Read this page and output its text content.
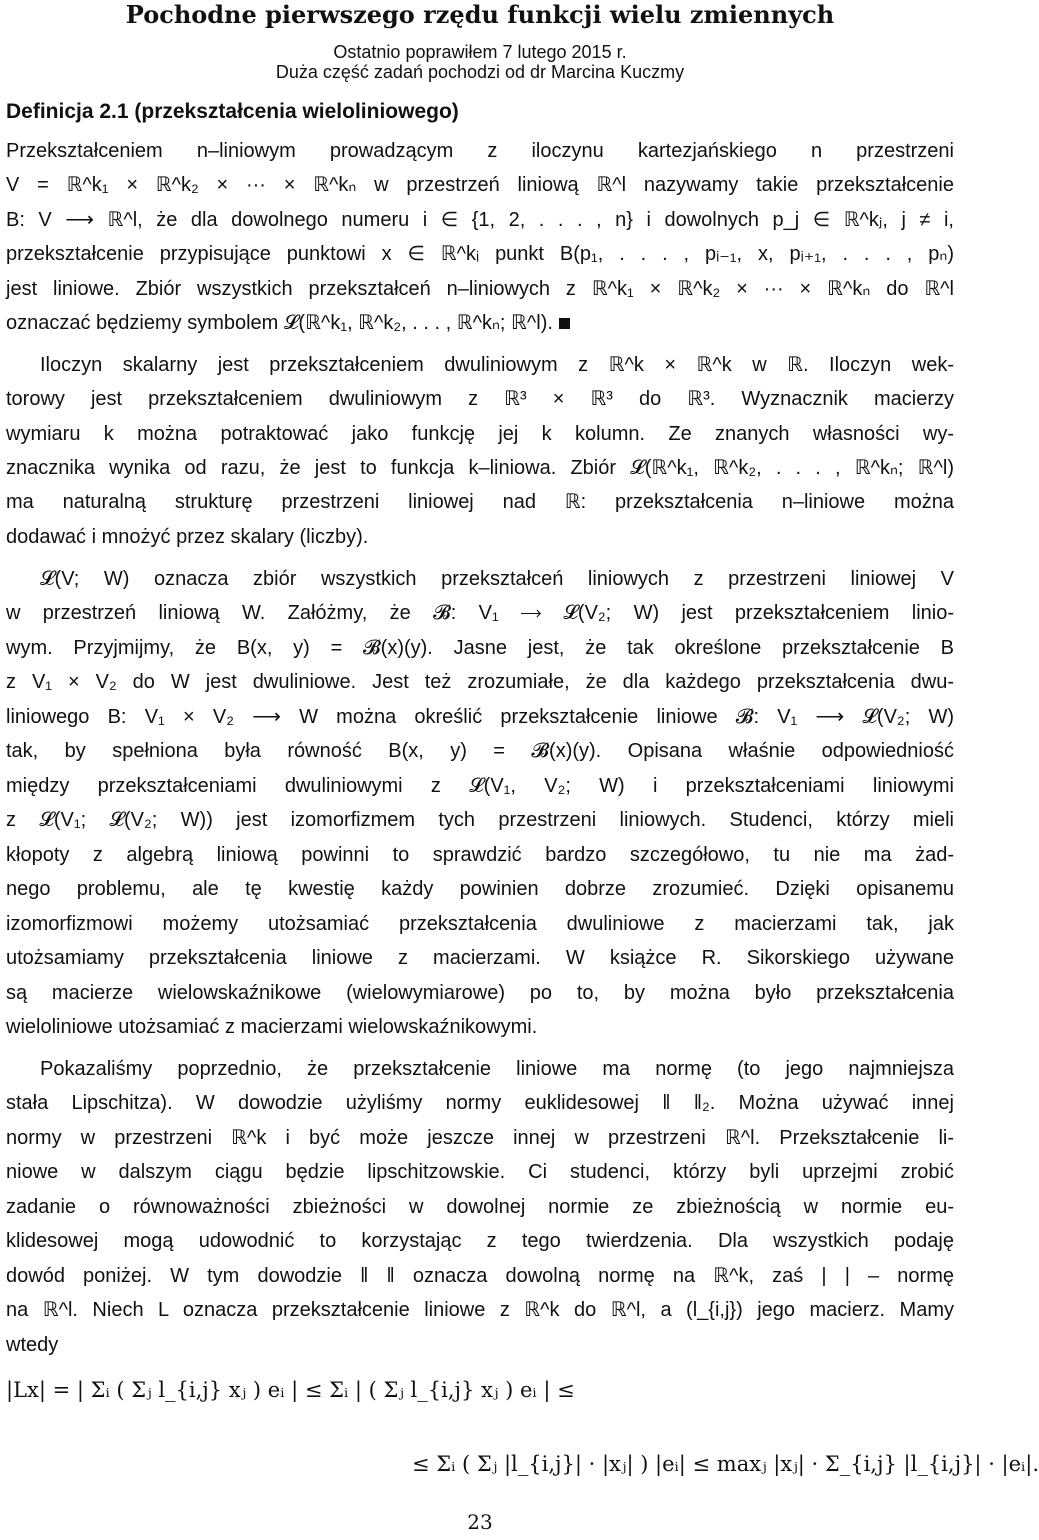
Pochodne pierwszego rzędu funkcji wielu zmiennych
Ostatnio poprawiłem 7 lutego 2015 r.
Duża część zadań pochodzi od dr Marcina Kuczmy
Definicja 2.1 (przekształcenia wieloliniowego)
Przekształceniem n–liniowym prowadzącym z iloczynu kartezjańskiego n przestrzeni
V = ℝ^k₁ × ℝ^k₂ × ··· × ℝ^kₙ w przestrzeń liniową ℝ^l nazywamy takie przekształcenie
B: V ⟶ ℝ^l, że dla dowolnego numeru i ∈ {1, 2, . . . , n} i dowolnych p_j ∈ ℝ^kⱼ, j ≠ i,
przekształcenie przypisujące punktowi x ∈ ℝ^kᵢ punkt B(p₁, . . . , pᵢ₋₁, x, pᵢ₊₁, . . . , pₙ)
jest liniowe. Zbiór wszystkich przekształceń n–liniowych z ℝ^k₁ × ℝ^k₂ × ··· × ℝ^kₙ do ℝ^l
oznaczać będziemy symbolem 𝓛(ℝ^k₁, ℝ^k₂, . . . , ℝ^kₙ; ℝ^l).
Iloczyn skalarny jest przekształceniem dwuliniowym z ℝ^k × ℝ^k w ℝ. Iloczyn wek-
torowy jest przekształceniem dwuliniowym z ℝ³ × ℝ³ do ℝ³. Wyznacznik macierzy
wymiaru k można potraktować jako funkcję jej k kolumn. Ze znanych własności wy-
znacznika wynika od razu, że jest to funkcja k–liniowa. Zbiór 𝓛(ℝ^k₁, ℝ^k₂, . . . , ℝ^kₙ; ℝ^l)
ma naturalną strukturę przestrzeni liniowej nad ℝ: przekształcenia n–liniowe można
dodawać i mnożyć przez skalary (liczby).
𝓛(V; W) oznacza zbiór wszystkich przekształceń liniowych z przestrzeni liniowej V
w przestrzeń liniową W. Załóżmy, że 𝓑: V₁ ⟶ 𝓛(V₂; W) jest przekształceniem linio-
wym. Przyjmijmy, że B(x, y) = 𝓑(x)(y). Jasne jest, że tak określone przekształcenie B
z V₁ × V₂ do W jest dwuliniowe. Jest też zrozumiałe, że dla każdego przekształcenia dwu-
liniowego B: V₁ × V₂ ⟶ W można określić przekształcenie liniowe 𝓑: V₁ ⟶ 𝓛(V₂; W)
tak, by spełniona była równość B(x, y) = 𝓑(x)(y). Opisana właśnie odpowiedniość
między przekształceniami dwuliniowymi z 𝓛(V₁, V₂; W) i przekształceniami liniowymi
z 𝓛(V₁; 𝓛(V₂; W)) jest izomorfizmem tych przestrzeni liniowych. Studenci, którzy mieli
kłopoty z algebrą liniową powinni to sprawdzić bardzo szczegółowo, tu nie ma żad-
nego problemu, ale tę kwestię każdy powinien dobrze zrozumieć. Dzięki opisanemu
izomorfizmowi możemy utożsamiać przekształcenia dwuliniowe z macierzami tak, jak
utożsamiamy przekształcenia liniowe z macierzami. W książce R. Sikorskiego używane
są macierze wielowskaźnikowe (wielowymiarowe) po to, by można było przekształcenia
wieloliniowe utożsamiać z macierzami wielowskaźnikowymi.
Pokazaliśmy poprzednio, że przekształcenie liniowe ma normę (to jego najmniejsza
stała Lipschitza). W dowodzie użyliśmy normy euklidesowej ‖ ‖₂. Można używać innej
normy w przestrzeni ℝ^k i być może jeszcze innej w przestrzeni ℝ^l. Przekształcenie li-
niowe w dalszym ciągu będzie lipschitzowskie. Ci studenci, którzy byli uprzejmi zrobić
zadanie o równoważności zbieżności w dowolnej normie ze zbieżnością w normie eu-
klidesowej mogą udowodnić to korzystając z tego twierdzenia. Dla wszystkich podaję
dowód poniżej. W tym dowodzie ‖ ‖ oznacza dowolną normę na ℝ^k, zaś | | – normę
na ℝ^l. Niech L oznacza przekształcenie liniowe z ℝ^k do ℝ^l, a (l_{i,j}) jego macierz. Mamy
wtedy
|Lx| = | Σᵢ ( Σⱼ l_{i,j} xⱼ ) eᵢ | ≤ Σᵢ | ( Σⱼ l_{i,j} xⱼ ) eᵢ | ≤
≤ Σᵢ ( Σⱼ |l_{i,j}| · |xⱼ| ) |eᵢ| ≤ maxⱼ |xⱼ| · Σ_{i,j} |l_{i,j}| · |eᵢ|.
23
